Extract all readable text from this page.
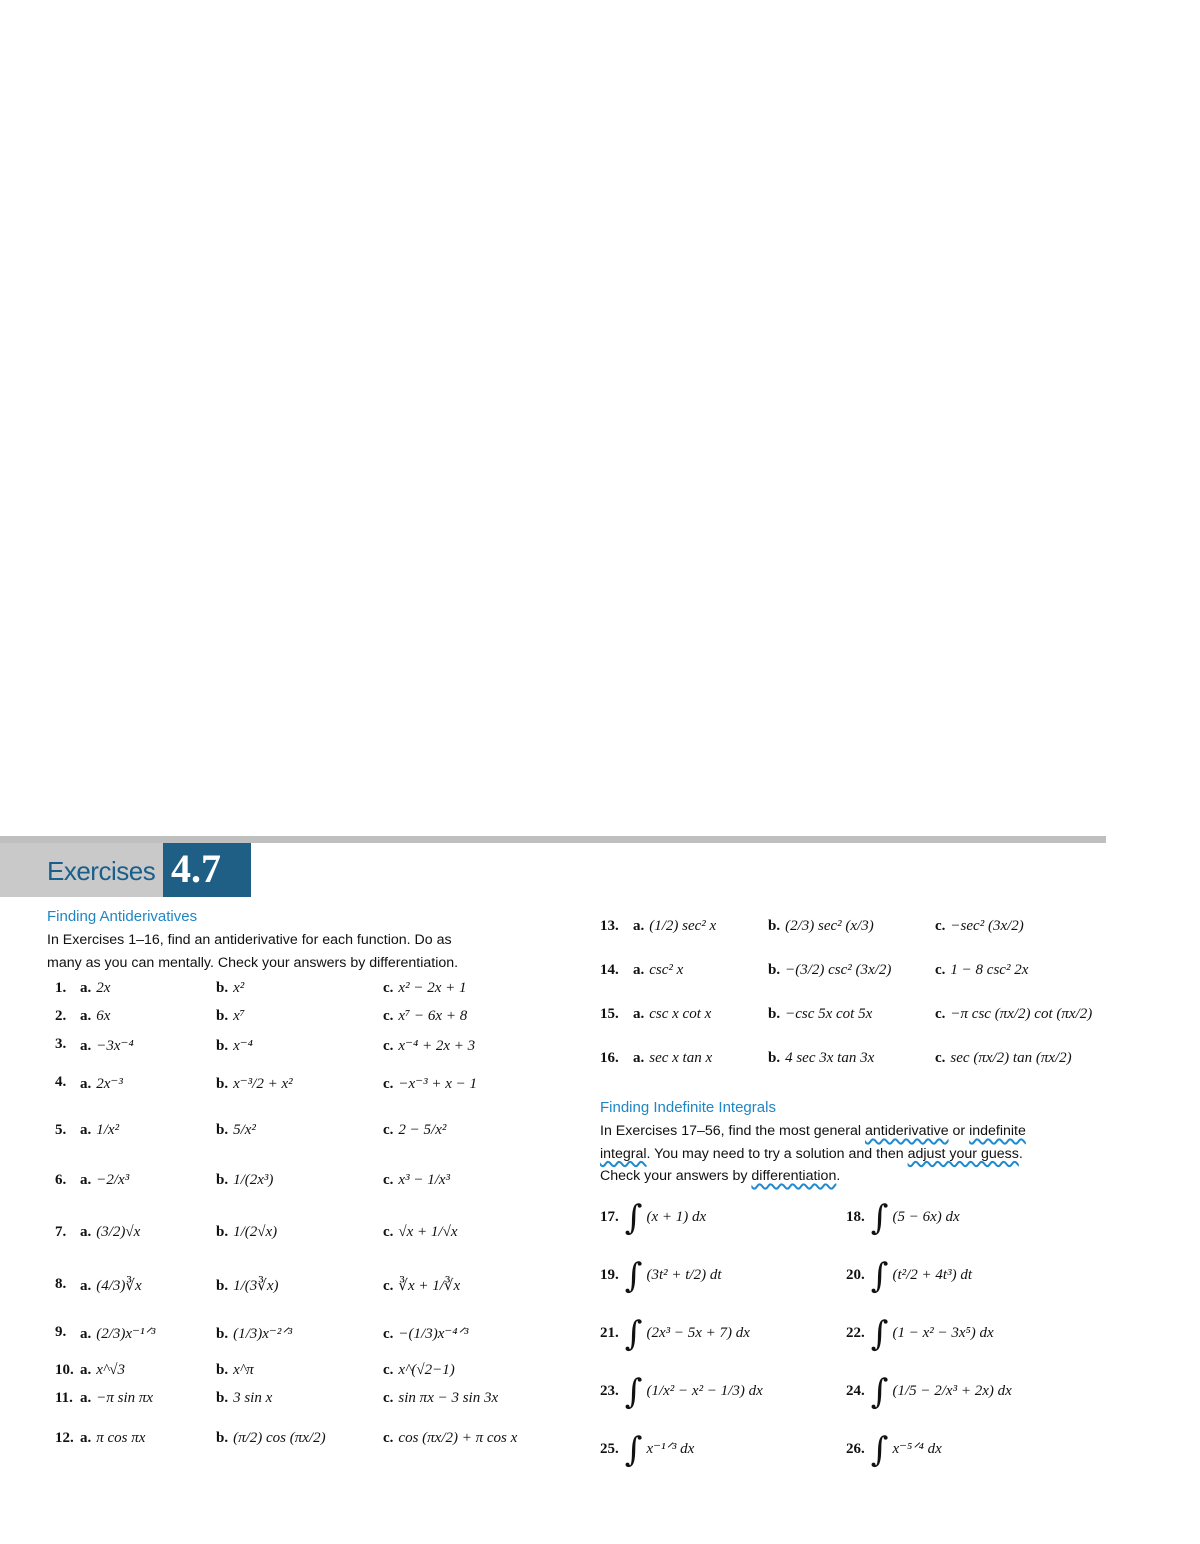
Exercises 4.7
Finding Antiderivatives
In Exercises 1–16, find an antiderivative for each function. Do as
many as you can mentally. Check your answers by differentiation.
1. a. 2x	b. x²	c. x² − 2x + 1
2. a. 6x	b. x⁷	c. x⁷ − 6x + 8
3. a. −3x⁻⁴	b. x⁻⁴	c. x⁻⁴ + 2x + 3
4. a. 2x⁻³	b. x⁻³/2 + x²	c. −x⁻³ + x − 1
5. a. 1/x²	b. 5/x²	c. 2 − 5/x²
6. a. −2/x³	b. 1/(2x³)	c. x³ − 1/x³
7. a. (3/2)√x	b. 1/(2√x)	c. √x + 1/√x
8. a. (4/3)∛x	b. 1/(3∛x)	c. ∛x + 1/∛x
9. a. (2/3)x⁻¹ᐟ³	b. (1/3)x⁻²ᐟ³	c. −(1/3)x⁻⁴ᐟ³
10. a. x^√3	b. x^π	c. x^(√2−1)
11. a. −π sin πx	b. 3 sin x	c. sin πx − 3 sin 3x
12. a. π cos πx	b. (π/2) cos (πx/2)	c. cos (πx/2) + π cos x
13. a. (1/2) sec² x	b. (2/3) sec² (x/3)	c. −sec² (3x/2)
14. a. csc² x	b. −(3/2) csc² (3x/2)	c. 1 − 8 csc² 2x
15. a. csc x cot x	b. −csc 5x cot 5x	c. −π csc (πx/2) cot (πx/2)
16. a. sec x tan x	b. 4 sec 3x tan 3x	c. sec (πx/2) tan (πx/2)
Finding Indefinite Integrals
In Exercises 17–56, find the most general antiderivative or indefinite
integral. You may need to try a solution and then adjust your guess.
Check your answers by differentiation.
17. ∫ (x + 1) dx	18. ∫ (5 − 6x) dx
19. ∫ (3t² + t/2) dt	20. ∫ (t²/2 + 4t³) dt
21. ∫ (2x³ − 5x + 7) dx	22. ∫ (1 − x² − 3x⁵) dx
23. ∫ (1/x² − x² − 1/3) dx	24. ∫ (1/5 − 2/x³ + 2x) dx
25. ∫ x⁻¹ᐟ³ dx	26. ∫ x⁻⁵ᐟ⁴ dx
